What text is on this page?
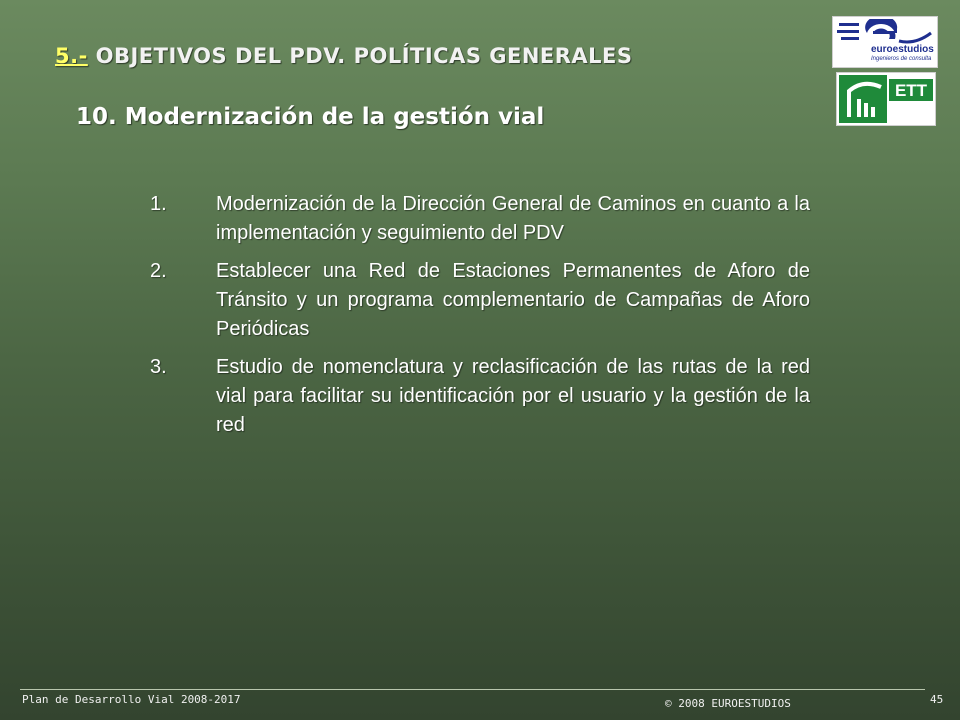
5.- OBJETIVOS DEL PDV. POLÍTICAS GENERALES
10. Modernización de la gestión vial
1.	Modernización de la Dirección General de Caminos en cuanto a la implementación y seguimiento del PDV
2.	Establecer una Red de Estaciones Permanentes de Aforo de Tránsito y un programa complementario de Campañas de Aforo Periódicas
3.	Estudio de nomenclatura y reclasificación de las rutas de la red vial para facilitar su identificación por el usuario y la gestión de la red
euroestudios
Ingenieros de consulta
ETT
Plan de Desarrollo Vial 2008-2017	© 2008 EUROESTUDIOS	45
